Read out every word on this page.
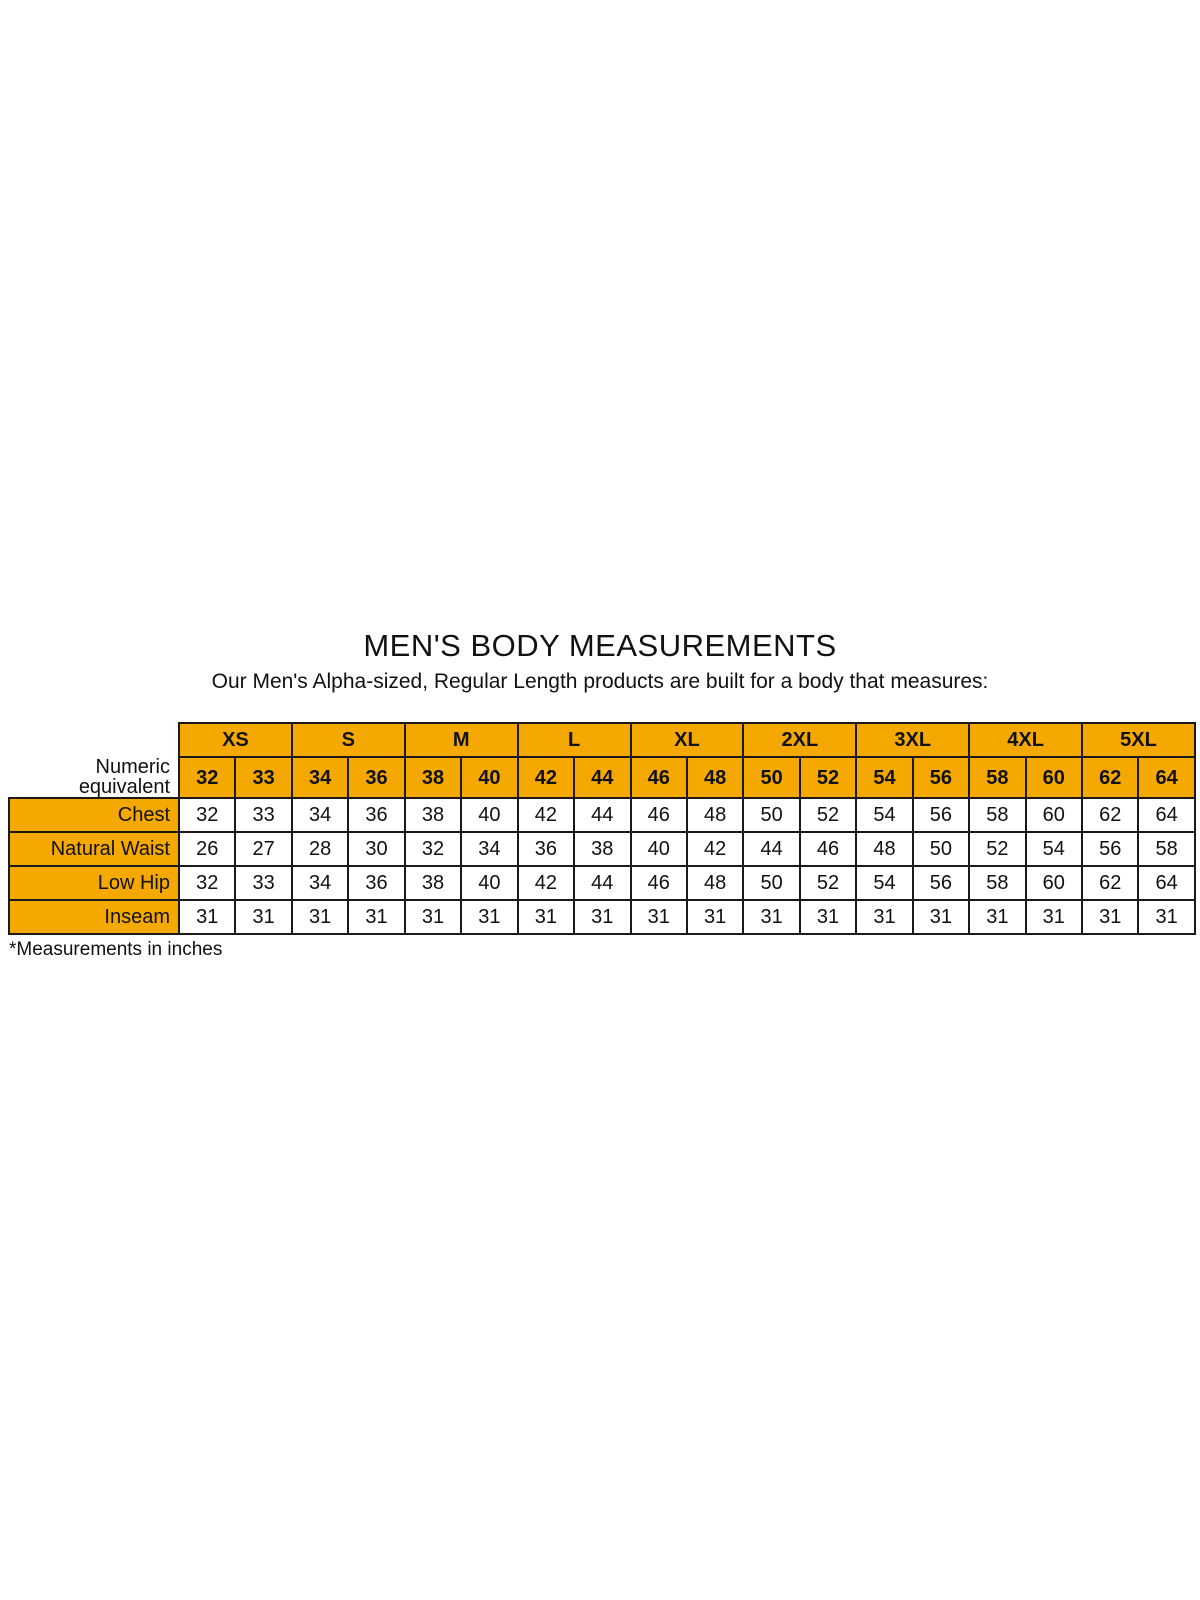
MEN'S BODY MEASUREMENTS
Our Men's Alpha-sized, Regular Length products are built for a body that measures:
	XS		S		M		L		XL		2XL		3XL		4XL		5XL	
Numeric equivalent	32	33	34	36	38	40	42	44	46	48	50	52	54	56	58	60	62	64
Chest	32	33	34	36	38	40	42	44	46	48	50	52	54	56	58	60	62	64
Natural Waist	26	27	28	30	32	34	36	38	40	42	44	46	48	50	52	54	56	58
Low Hip	32	33	34	36	38	40	42	44	46	48	50	52	54	56	58	60	62	64
Inseam	31	31	31	31	31	31	31	31	31	31	31	31	31	31	31	31	31	31
*Measurements in inches
